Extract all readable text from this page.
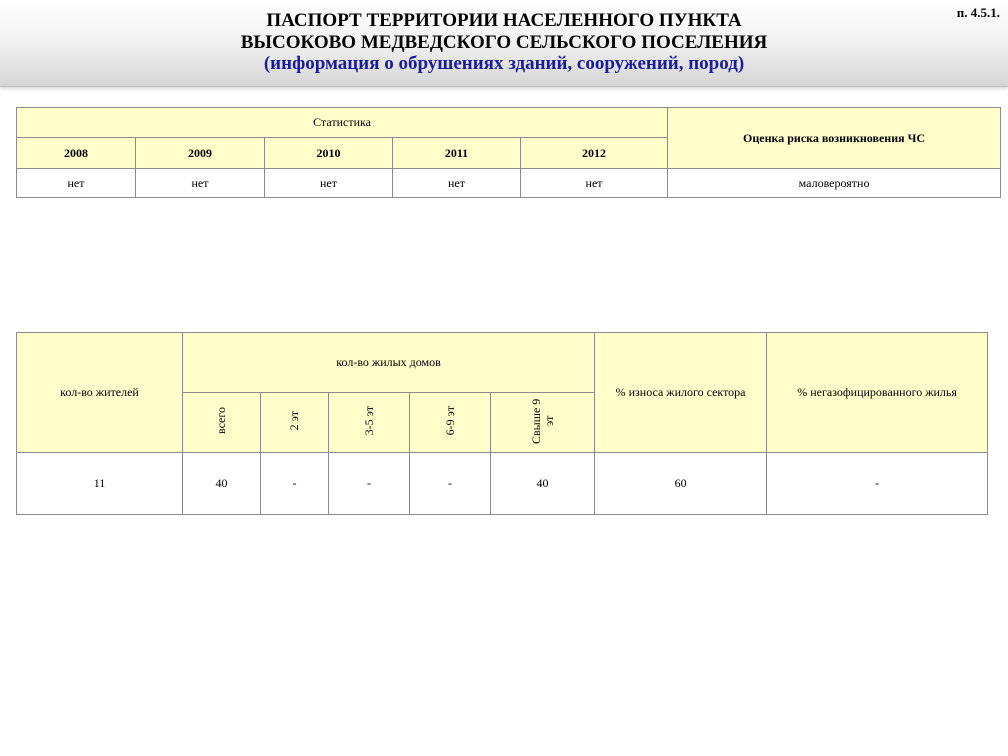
ПАСПОРТ ТЕРРИТОРИИ НАСЕЛЕННОГО ПУНКТА
ВЫСОКОВО МЕДВЕДСКОГО СЕЛЬСКОГО ПОСЕЛЕНИЯ
(информация о обрушениях зданий, сооружений, пород)
п. 4.5.1.
Статистика					Оценка риска возникновения ЧС
2008	2009	2010	2011	2012	
нет	нет	нет	нет	нет	маловероятно
кол-во жителей	кол-во жилых домов					% износа жилого сектора	% негазофицированного жилья
	всего	2 эт	3-5 эт	6-9 эт	Свыше 9 эт		
11	40	-	-	-	40	60	-
